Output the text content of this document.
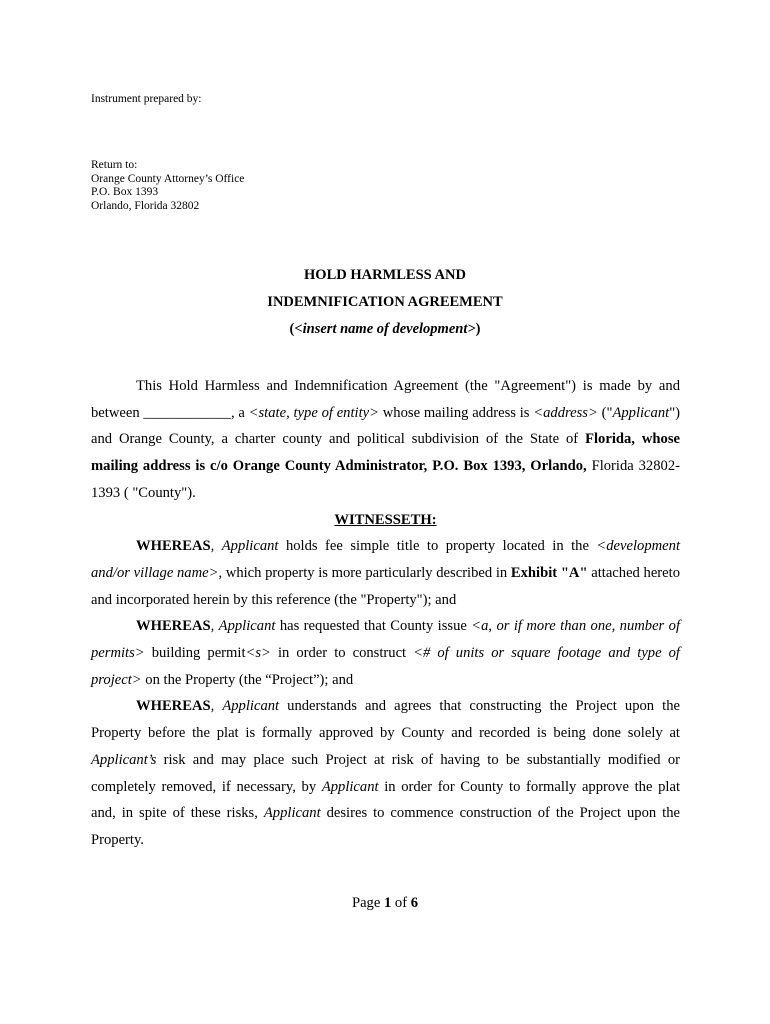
Instrument prepared by:
Return to:
Orange County Attorney’s Office
P.O. Box 1393
Orlando, Florida 32802
HOLD HARMLESS AND
INDEMNIFICATION AGREEMENT
(<insert name of development>)

This Hold Harmless and Indemnification Agreement (the "Agreement") is made by and between ____________, a <state, type of entity> whose mailing address is <address> ("Applicant") and Orange County, a charter county and political subdivision of the State of Florida, whose mailing address is c/o Orange County Administrator, P.O. Box 1393, Orlando, Florida 32802-1393 ( "County").

WITNESSETH:

WHEREAS, Applicant holds fee simple title to property located in the <development and/or village name>, which property is more particularly described in Exhibit "A" attached hereto and incorporated herein by this reference (the "Property"); and

WHEREAS, Applicant has requested that County issue <a, or if more than one, number of permits> building permit<s> in order to construct <# of units or square footage and type of project> on the Property (the “Project”); and

WHEREAS, Applicant understands and agrees that constructing the Project upon the Property before the plat is formally approved by County and recorded is being done solely at Applicant’s risk and may place such Project at risk of having to be substantially modified or completely removed, if necessary, by Applicant in order for County to formally approve the plat and, in spite of these risks, Applicant desires to commence construction of the Project upon the Property.

Page 1 of 6
